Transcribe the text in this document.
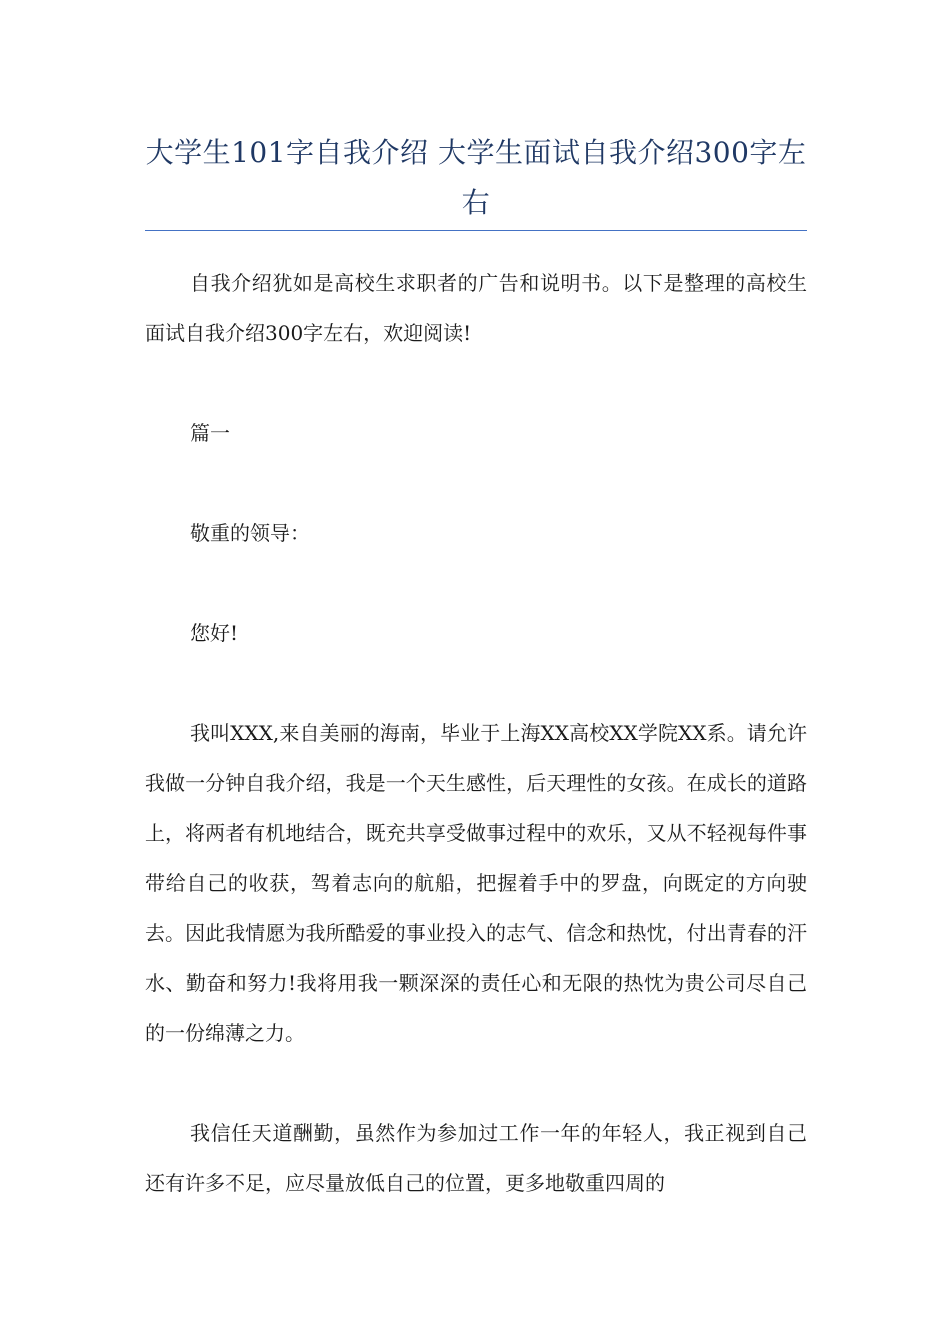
大学生101字自我介绍 大学生面试自我介绍300字左右

自我介绍犹如是高校生求职者的广告和说明书。以下是整理的高校生面试自我介绍300字左右，欢迎阅读!

篇一

敬重的领导：

您好!

我叫XXX,来自美丽的海南，毕业于上海XX高校XX学院XX系。请允许我做一分钟自我介绍，我是一个天生感性，后天理性的女孩。在成长的道路上，将两者有机地结合，既充共享受做事过程中的欢乐，又从不轻视每件事带给自己的收获，驾着志向的航船，把握着手中的罗盘，向既定的方向驶去。因此我情愿为我所酷爱的事业投入的志气、信念和热忱，付出青春的汗水、勤奋和努力!我将用我一颗深深的责任心和无限的热忱为贵公司尽自己的一份绵薄之力。

我信任天道酬勤，虽然作为参加过工作一年的年轻人，我正视到自己还有许多不足，应尽量放低自己的位置，更多地敬重四周的
